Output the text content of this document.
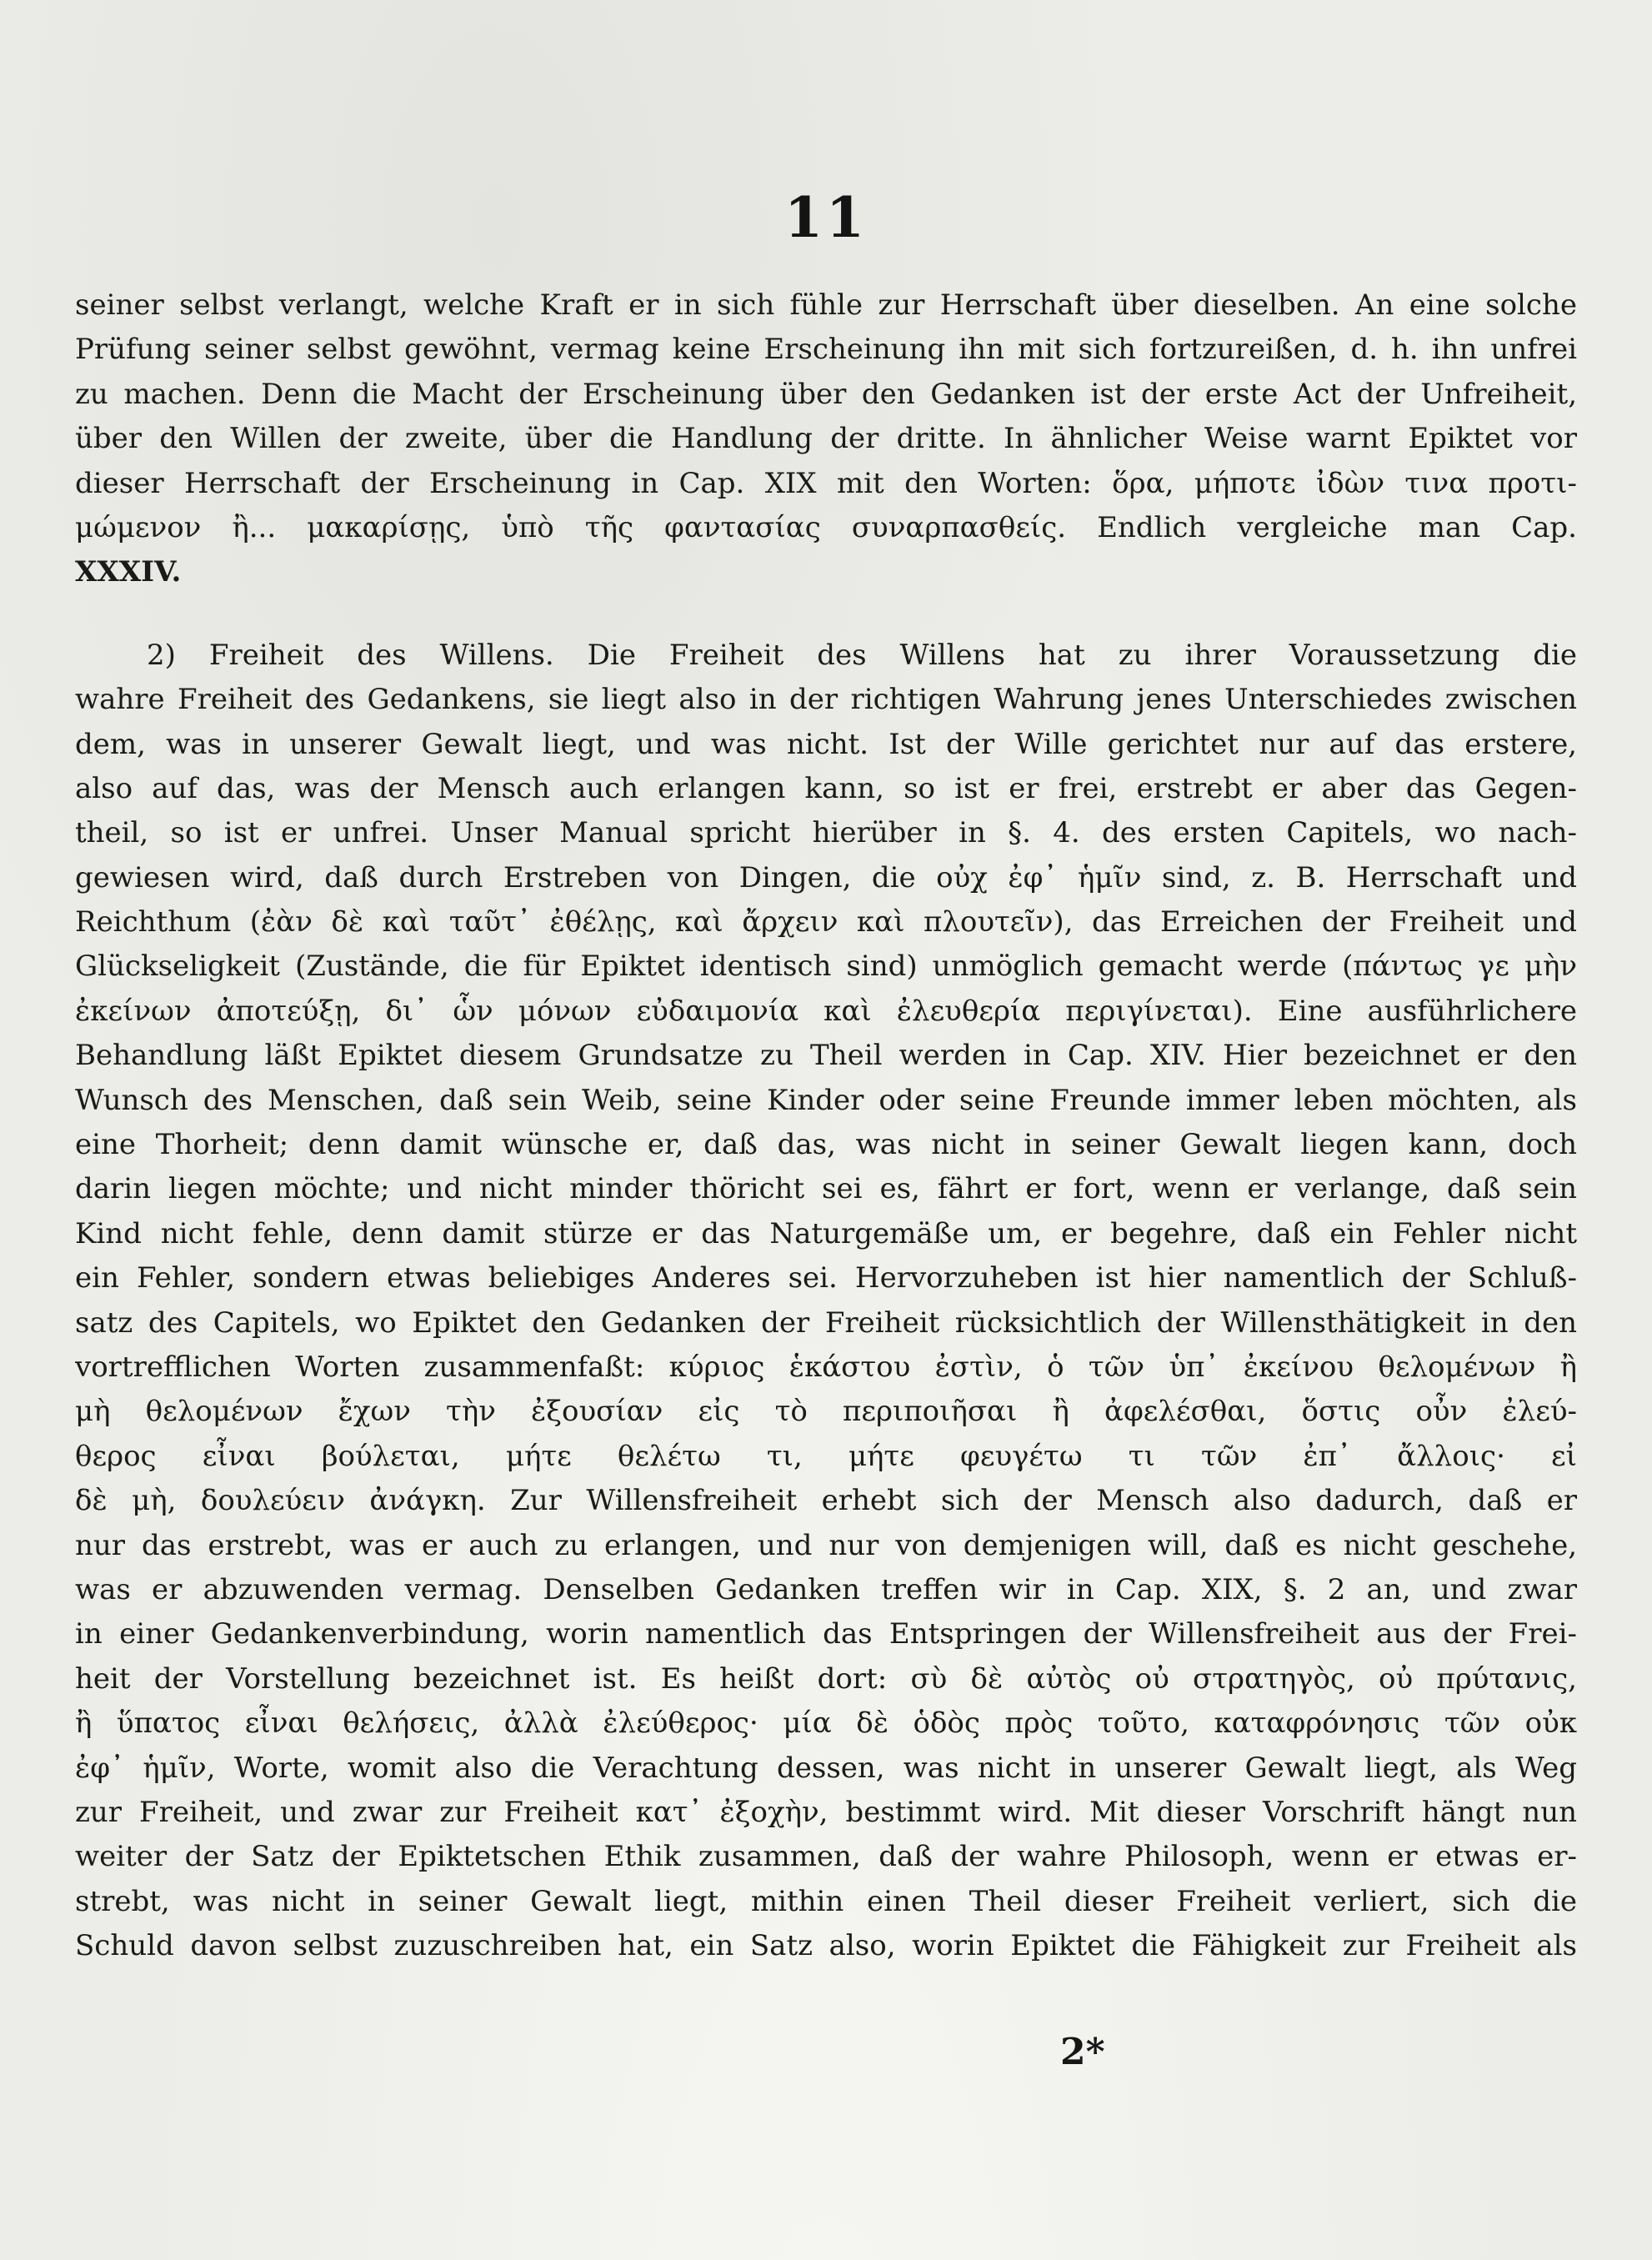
11
seiner selbst verlangt, welche Kraft er in sich fühle zur Herrschaft über dieselben. An eine solche
Prüfung seiner selbst gewöhnt, vermag keine Erscheinung ihn mit sich fortzureißen, d. h. ihn unfrei
zu machen. Denn die Macht der Erscheinung über den Gedanken ist der erste Act der Unfreiheit,
über den Willen der zweite, über die Handlung der dritte. In ähnlicher Weise warnt Epiktet vor
dieser Herrschaft der Erscheinung in Cap. XIX mit den Worten: ὅρα, μήποτε ἰδὼν τινα προτι-
μώμενον ἢ... μακαρίσῃς, ὑπὸ τῆς φαντασίας συναρπασθείς. Endlich vergleiche man Cap.
XXXIV.
2) Freiheit des Willens. Die Freiheit des Willens hat zu ihrer Voraussetzung die
wahre Freiheit des Gedankens, sie liegt also in der richtigen Wahrung jenes Unterschiedes zwischen
dem, was in unserer Gewalt liegt, und was nicht. Ist der Wille gerichtet nur auf das erstere,
also auf das, was der Mensch auch erlangen kann, so ist er frei, erstrebt er aber das Gegen-
theil, so ist er unfrei. Unser Manual spricht hierüber in §. 4. des ersten Capitels, wo nach-
gewiesen wird, daß durch Erstreben von Dingen, die οὐχ ἐφ᾽ ἡμῖν sind, z. B. Herrschaft und
Reichthum (ἐὰν δὲ καὶ ταῦτ᾽ ἐθέλῃς, καὶ ἄρχειν καὶ πλουτεῖν), das Erreichen der Freiheit und
Glückseligkeit (Zustände, die für Epiktet identisch sind) unmöglich gemacht werde (πάντως γε μὴν
ἐκείνων ἀποτεύξῃ, δι᾽ ὧν μόνων εὐδαιμονία καὶ ἐλευθερία περιγίνεται). Eine ausführlichere
Behandlung läßt Epiktet diesem Grundsatze zu Theil werden in Cap. XIV. Hier bezeichnet er den
Wunsch des Menschen, daß sein Weib, seine Kinder oder seine Freunde immer leben möchten, als
eine Thorheit; denn damit wünsche er, daß das, was nicht in seiner Gewalt liegen kann, doch
darin liegen möchte; und nicht minder thöricht sei es, fährt er fort, wenn er verlange, daß sein
Kind nicht fehle, denn damit stürze er das Naturgemäße um, er begehre, daß ein Fehler nicht
ein Fehler, sondern etwas beliebiges Anderes sei. Hervorzuheben ist hier namentlich der Schluß-
satz des Capitels, wo Epiktet den Gedanken der Freiheit rücksichtlich der Willensthätigkeit in den
vortrefflichen Worten zusammenfaßt: κύριος ἑκάστου ἐστὶν, ὁ τῶν ὑπ᾽ ἐκείνου θελομένων ἢ
μὴ θελομένων ἔχων τὴν ἐξουσίαν εἰς τὸ περιποιῆσαι ἢ ἀφελέσθαι, ὅστις οὖν ἐλεύ-
θερος εἶναι βούλεται, μήτε θελέτω τι, μήτε φευγέτω τι τῶν ἐπ᾽ ἄλλοις· εἰ
δὲ μὴ, δουλεύειν ἀνάγκη. Zur Willensfreiheit erhebt sich der Mensch also dadurch, daß er
nur das erstrebt, was er auch zu erlangen, und nur von demjenigen will, daß es nicht geschehe,
was er abzuwenden vermag. Denselben Gedanken treffen wir in Cap. XIX, §. 2 an, und zwar
in einer Gedankenverbindung, worin namentlich das Entspringen der Willensfreiheit aus der Frei-
heit der Vorstellung bezeichnet ist. Es heißt dort: σὺ δὲ αὐτὸς οὐ στρατηγὸς, οὐ πρύτανις,
ἢ ὕπατος εἶναι θελήσεις, ἀλλὰ ἐλεύθερος· μία δὲ ὁδὸς πρὸς τοῦτο, καταφρόνησις τῶν οὐκ
ἐφ᾽ ἡμῖν, Worte, womit also die Verachtung dessen, was nicht in unserer Gewalt liegt, als Weg
zur Freiheit, und zwar zur Freiheit κατ᾽ ἐξοχὴν, bestimmt wird. Mit dieser Vorschrift hängt nun
weiter der Satz der Epiktetschen Ethik zusammen, daß der wahre Philosoph, wenn er etwas er-
strebt, was nicht in seiner Gewalt liegt, mithin einen Theil dieser Freiheit verliert, sich die
Schuld davon selbst zuzuschreiben hat, ein Satz also, worin Epiktet die Fähigkeit zur Freiheit als
2*
